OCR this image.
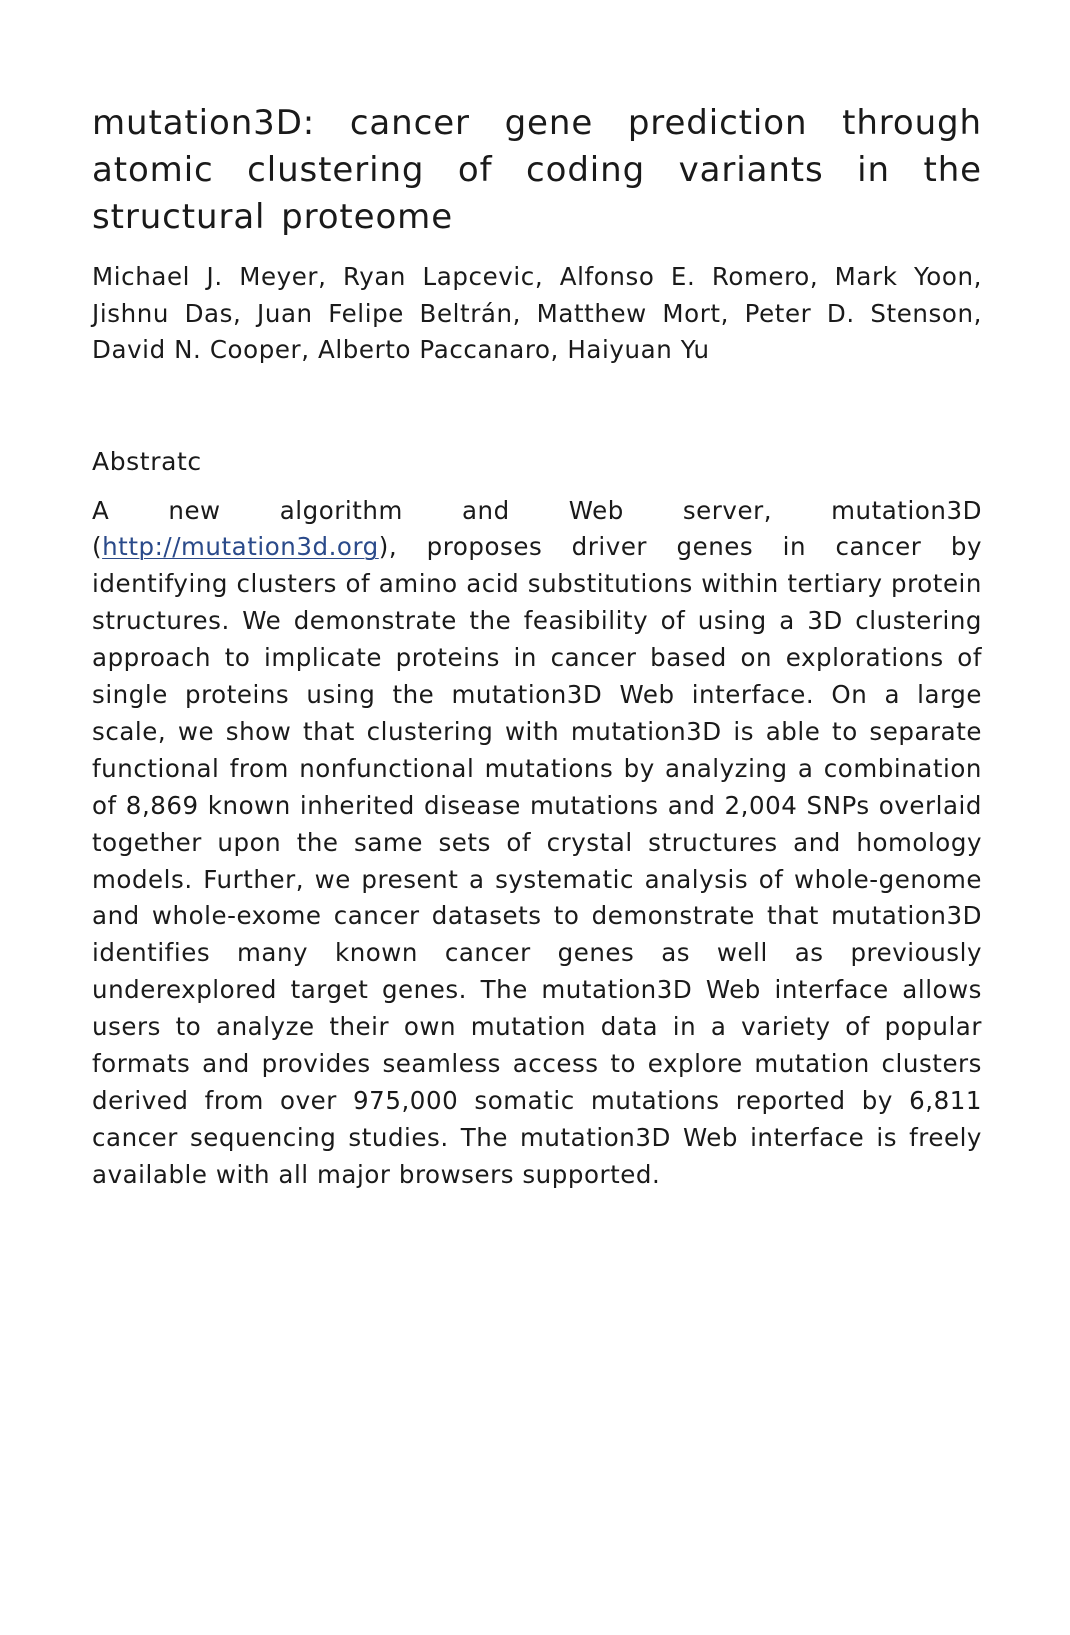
mutation3D: cancer gene prediction through atomic clustering of coding variants in the structural proteome

Michael J. Meyer, Ryan Lapcevic, Alfonso E. Romero, Mark Yoon, Jishnu Das, Juan Felipe Beltrán, Matthew Mort, Peter D. Stenson, David N. Cooper, Alberto Paccanaro, Haiyuan Yu

Abstratc

A new algorithm and Web server, mutation3D (http://mutation3d.org), proposes driver genes in cancer by identifying clusters of amino acid substitutions within tertiary protein structures. We demonstrate the feasibility of using a 3D clustering approach to implicate proteins in cancer based on explorations of single proteins using the mutation3D Web interface. On a large scale, we show that clustering with mutation3D is able to separate functional from nonfunctional mutations by analyzing a combination of 8,869 known inherited disease mutations and 2,004 SNPs overlaid together upon the same sets of crystal structures and homology models. Further, we present a systematic analysis of whole-genome and whole-exome cancer datasets to demonstrate that mutation3D identifies many known cancer genes as well as previously underexplored target genes. The mutation3D Web interface allows users to analyze their own mutation data in a variety of popular formats and provides seamless access to explore mutation clusters derived from over 975,000 somatic mutations reported by 6,811 cancer sequencing studies. The mutation3D Web interface is freely available with all major browsers supported.
